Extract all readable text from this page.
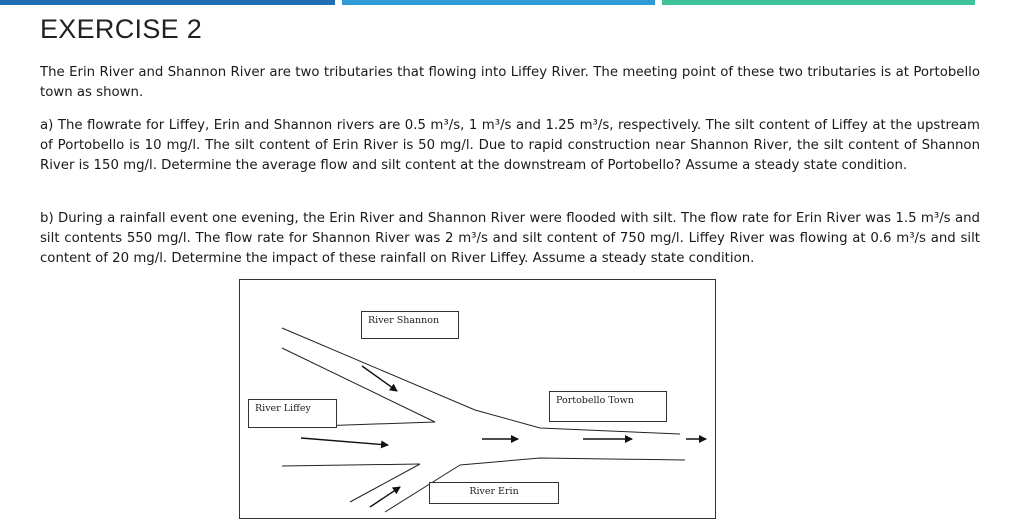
EXERCISE 2
The Erin River and Shannon River are two tributaries that flowing into Liffey River. The meeting point of these two tributaries is at Portobello town as shown.
a) The flowrate for Liffey, Erin and Shannon rivers are 0.5 m³/s, 1 m³/s and 1.25 m³/s, respectively. The silt content of Liffey at the upstream of Portobello is 10 mg/l. The silt content of Erin River is 50 mg/l. Due to rapid construction near Shannon River, the silt content of Shannon River is 150 mg/l. Determine the average flow and silt content at the downstream of Portobello? Assume a steady state condition.
b) During a rainfall event one evening, the Erin River and Shannon River were flooded with silt. The flow rate for Erin River was 1.5 m³/s and silt contents 550 mg/l. The flow rate for Shannon River was 2 m³/s and silt content of 750 mg/l. Liffey River was flowing at 0.6 m³/s and silt content of 20 mg/l. Determine the impact of these rainfall on River Liffey. Assume a steady state condition.
River Shannon
River Liffey
Portobello Town
River Erin
